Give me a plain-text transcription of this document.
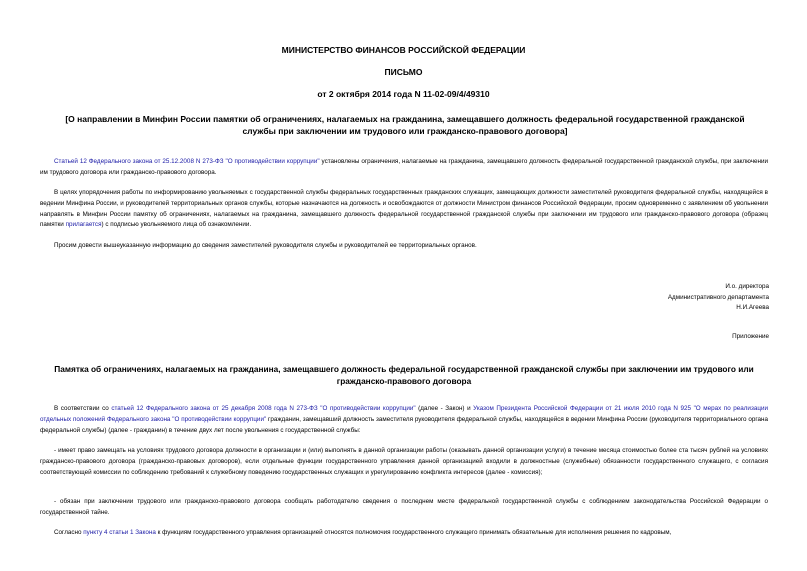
МИНИСТЕРСТВО ФИНАНСОВ РОССИЙСКОЙ ФЕДЕРАЦИИ
ПИСЬМО
от 2 октября 2014 года N 11-02-09/4/49310
[О направлении в Минфин России памятки об ограничениях, налагаемых на гражданина, замещавшего должность федеральной государственной гражданской службы при заключении им трудового или гражданско-правового договора]
Статьей 12 Федерального закона от 25.12.2008 N 273-ФЗ "О противодействии коррупции" установлены ограничения, налагаемые на гражданина, замещавшего должность федеральной государственной гражданской службы, при заключении им трудового договора или гражданско-правового договора.
В целях упорядочения работы по информированию увольняемых с государственной службы федеральных государственных гражданских служащих, замещающих должности заместителей руководителя федеральной службы, находящейся в ведении Минфина России, и руководителей территориальных органов службы, которые назначаются на должность и освобождаются от должности Министром финансов Российской Федерации, просим одновременно с заявлением об увольнении направлять в Минфин России памятку об ограничениях, налагаемых на гражданина, замещавшего должность федеральной государственной гражданской службы при заключении им трудового или гражданско-правового договора (образец памятки прилагается) с подписью увольняемого лица об ознакомлении.
Просим довести вышеуказанную информацию до сведения заместителей руководителя службы и руководителей ее территориальных органов.
И.о. директора
Административного департамента
Н.И.Агеева
Приложение
Памятка об ограничениях, налагаемых на гражданина, замещавшего должность федеральной государственной гражданской службы при заключении им трудового или гражданско-правового договора
В соответствии со статьей 12 Федерального закона от 25 декабря 2008 года N 273-ФЗ "О противодействии коррупции" (далее - Закон) и Указом Президента Российской Федерации от 21 июля 2010 года N 925 "О мерах по реализации отдельных положений Федерального закона "О противодействии коррупции" гражданин, замещавший должность заместителя руководителя федеральной службы, находящейся в ведении Минфина России (руководителя территориального органа федеральной службы) (далее - гражданин) в течение двух лет после увольнения с государственной службы:
- имеет право замещать на условиях трудового договора должности в организации и (или) выполнять в данной организации работы (оказывать данной организации услуги) в течение месяца стоимостью более ста тысяч рублей на условиях гражданско-правового договора (гражданско-правовых договоров), если отдельные функции государственного управления данной организацией входили в должностные (служебные) обязанности государственного служащего, с согласия соответствующей комиссии по соблюдению требований к служебному поведению государственных служащих и урегулированию конфликта интересов (далее - комиссия);
- обязан при заключении трудового или гражданско-правового договора сообщать работодателю сведения о последнем месте федеральной государственной службы с соблюдением законодательства Российской Федерации о государственной тайне.
Согласно пункту 4 статьи 1 Закона к функциям государственного управления организацией относятся полномочия государственного служащего принимать обязательные для исполнения решения по кадровым,
